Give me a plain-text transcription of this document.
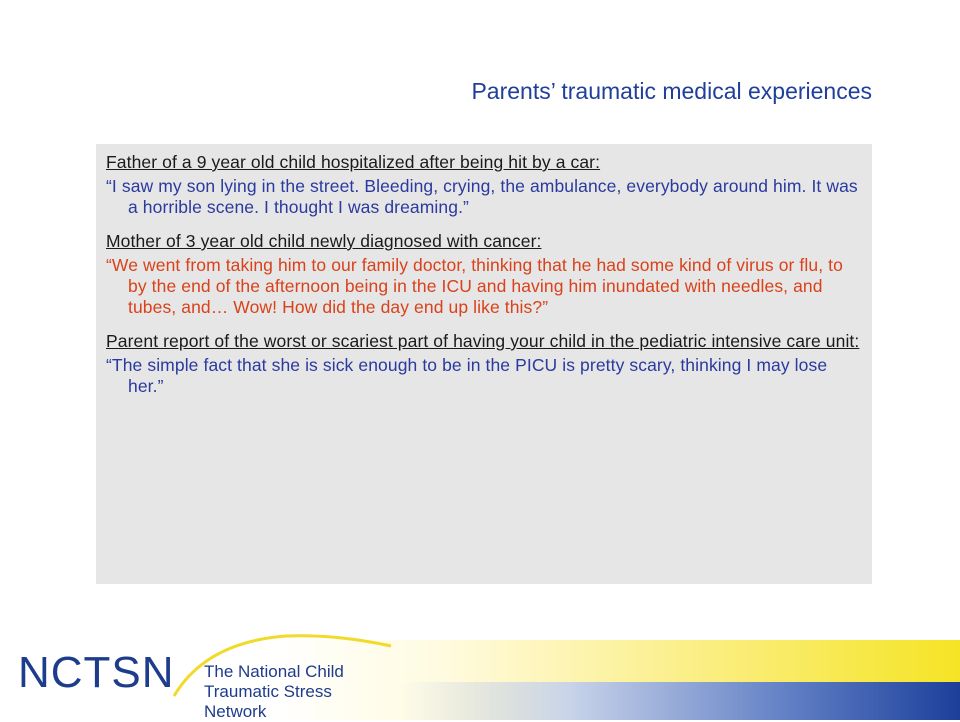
Parents’ traumatic medical experiences
Father of a 9 year old child hospitalized after being hit by a car:
“I saw my son lying in the street. Bleeding, crying, the ambulance, everybody around him. It was a horrible scene. I thought I was dreaming.”
Mother of 3 year old child newly diagnosed with cancer:
“We went from taking him to our family doctor, thinking that he had some kind of virus or flu, to by the end of the afternoon being in the ICU and having him inundated with needles, and tubes, and… Wow! How did the day end up like this?”
Parent report of the worst or scariest part of having your child in the pediatric intensive care unit:
“The simple fact that she is sick enough to be in the PICU is pretty scary, thinking I may lose her.”
NCTSN The National Child
Traumatic Stress Network
